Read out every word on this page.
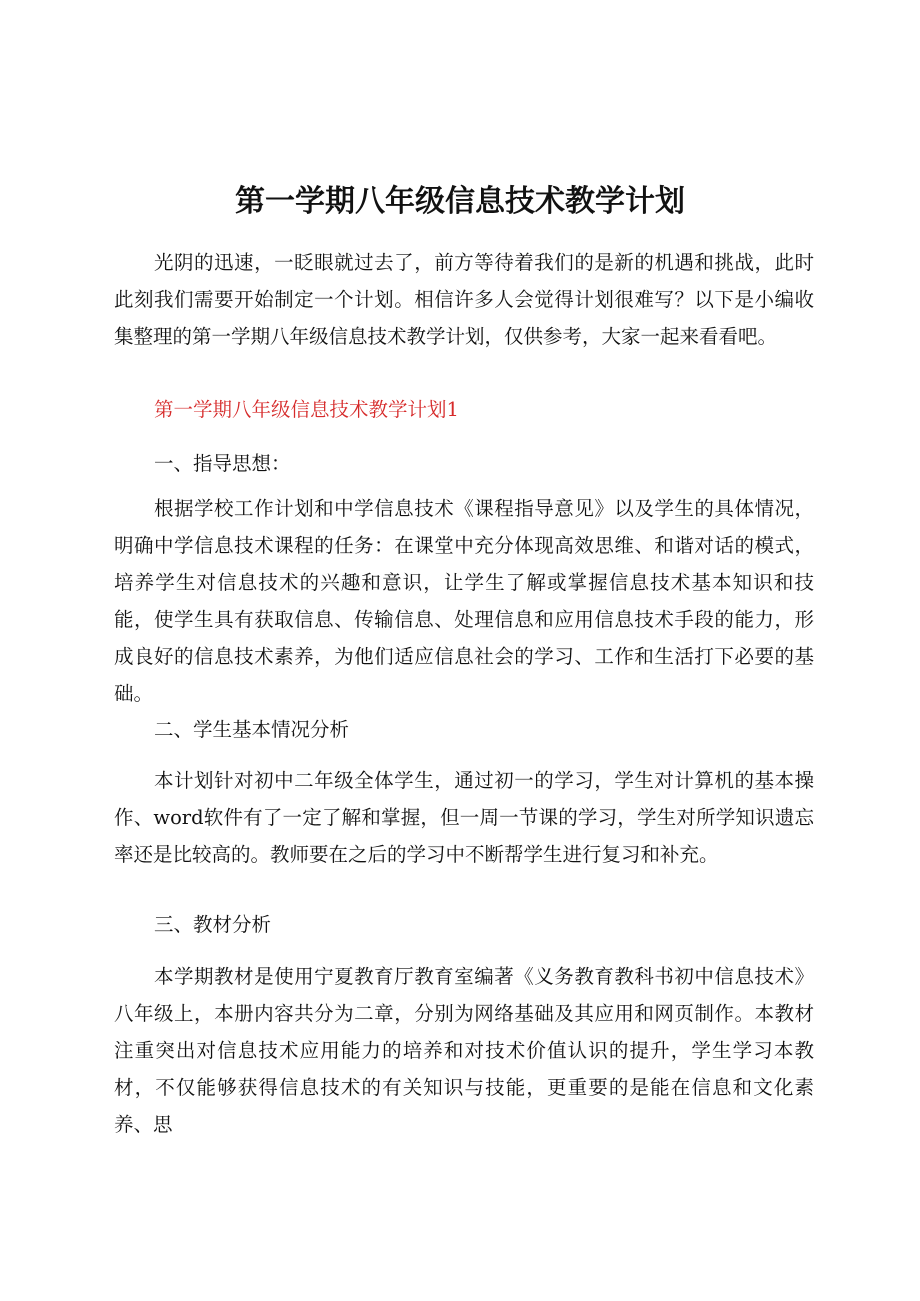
第一学期八年级信息技术教学计划
光阴的迅速，一眨眼就过去了，前方等待着我们的是新的机遇和挑战，此时此刻我们需要开始制定一个计划。相信许多人会觉得计划很难写？以下是小编收集整理的第一学期八年级信息技术教学计划，仅供参考，大家一起来看看吧。
第一学期八年级信息技术教学计划1
一、指导思想：
根据学校工作计划和中学信息技术《课程指导意见》以及学生的具体情况，明确中学信息技术课程的任务：在课堂中充分体现高效思维、和谐对话的模式，培养学生对信息技术的兴趣和意识，让学生了解或掌握信息技术基本知识和技能，使学生具有获取信息、传输信息、处理信息和应用信息技术手段的能力，形成良好的信息技术素养，为他们适应信息社会的学习、工作和生活打下必要的基础。
二、学生基本情况分析
本计划针对初中二年级全体学生，通过初一的学习，学生对计算机的基本操作、word软件有了一定了解和掌握，但一周一节课的学习，学生对所学知识遗忘率还是比较高的。教师要在之后的学习中不断帮学生进行复习和补充。
三、教材分析
本学期教材是使用宁夏教育厅教育室编著《义务教育教科书初中信息技术》八年级上，本册内容共分为二章，分别为网络基础及其应用和网页制作。本教材注重突出对信息技术应用能力的培养和对技术价值认识的提升，学生学习本教材，不仅能够获得信息技术的有关知识与技能，更重要的是能在信息和文化素养、思
